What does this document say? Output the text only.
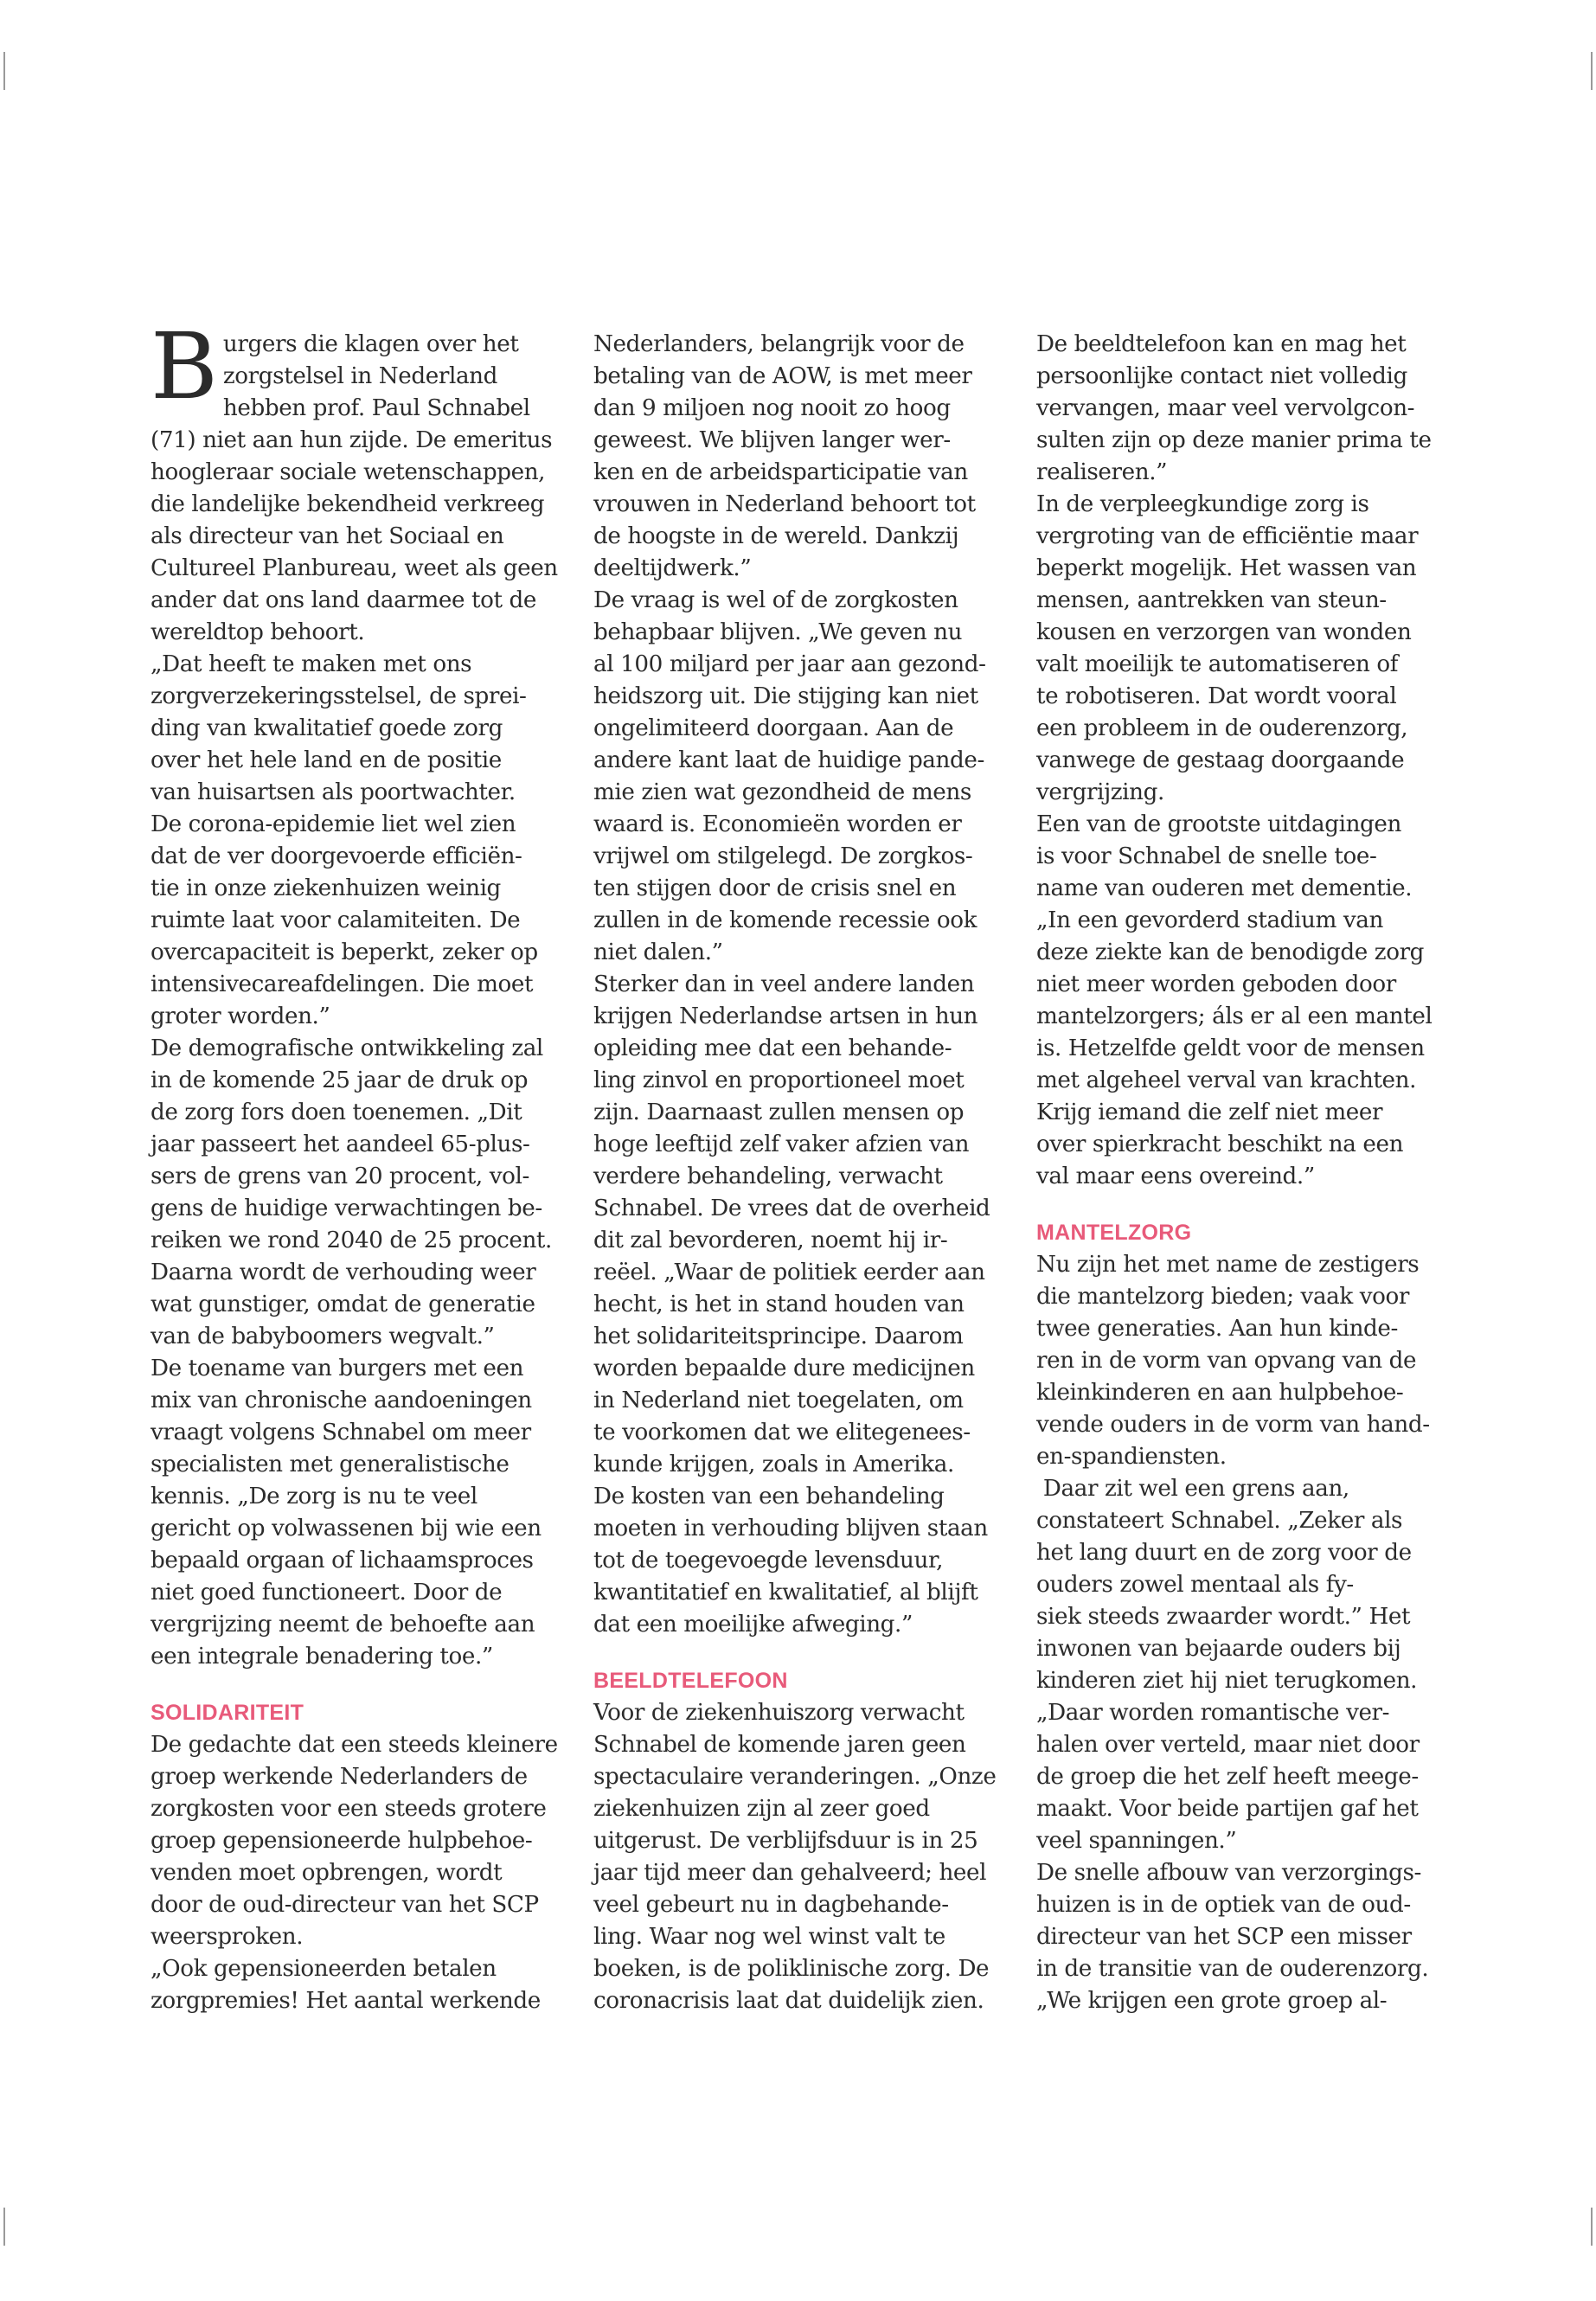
B urgers die klagen over het

zorgstelsel in Nederland

hebben prof. Paul Schnabel

(71) niet aan hun zijde. De emeritus

hoogleraar sociale wetenschappen,

die landelijke bekendheid verkreeg

als directeur van het Sociaal en

Cultureel Planbureau, weet als geen

ander dat ons land daarmee tot de

wereldtop behoort.

„Dat heeft te maken met ons

zorgverzekeringsstelsel, de sprei-

ding van kwalitatief goede zorg

over het hele land en de positie

van huisartsen als poortwachter.

De corona-epidemie liet wel zien

dat de ver doorgevoerde efficiën-

tie in onze ziekenhuizen weinig

ruimte laat voor calamiteiten. De

overcapaciteit is beperkt, zeker op

intensivecareafdelingen. Die moet

groter worden.”

De demografische ontwikkeling zal

in de komende 25 jaar de druk op

de zorg fors doen toenemen. „Dit

jaar passeert het aandeel 65-plus-

sers de grens van 20 procent, vol-

gens de huidige verwachtingen be-

reiken we rond 2040 de 25 procent.

Daarna wordt de verhouding weer

wat gunstiger, omdat de generatie

van de babyboomers wegvalt.”

De toename van burgers met een

mix van chronische aandoeningen

vraagt volgens Schnabel om meer

specialisten met generalistische

kennis. „De zorg is nu te veel

gericht op volwassenen bij wie een

bepaald orgaan of lichaamsproces

niet goed functioneert. Door de

vergrijzing neemt de behoefte aan

een integrale benadering toe.”

SOLIDARITEIT

De gedachte dat een steeds kleinere

groep werkende Nederlanders de

zorgkosten voor een steeds grotere

groep gepensioneerde hulpbehoe-

venden moet opbrengen, wordt

door de oud-directeur van het SCP

weersproken.

„Ook gepensioneerden betalen

zorgpremies! Het aantal werkende

Nederlanders, belangrijk voor de

betaling van de AOW, is met meer

dan 9 miljoen nog nooit zo hoog

geweest. We blijven langer wer-

ken en de arbeidsparticipatie van

vrouwen in Nederland behoort tot

de hoogste in de wereld. Dankzij

deeltijdwerk.”

De vraag is wel of de zorgkosten

behapbaar blijven. „We geven nu

al 100 miljard per jaar aan gezond-

heidszorg uit. Die stijging kan niet

ongelimiteerd doorgaan. Aan de

andere kant laat de huidige pande-

mie zien wat gezondheid de mens

waard is. Economieën worden er

vrijwel om stilgelegd. De zorgkos-

ten stijgen door de crisis snel en

zullen in de komende recessie ook

niet dalen.”

Sterker dan in veel andere landen

krijgen Nederlandse artsen in hun

opleiding mee dat een behande-

ling zinvol en proportioneel moet

zijn. Daarnaast zullen mensen op

hoge leeftijd zelf vaker afzien van

verdere behandeling, verwacht

Schnabel. De vrees dat de overheid

dit zal bevorderen, noemt hij ir-

reëel. „Waar de politiek eerder aan

hecht, is het in stand houden van

het solidariteitsprincipe. Daarom

worden bepaalde dure medicijnen

in Nederland niet toegelaten, om

te voorkomen dat we elitegenees-

kunde krijgen, zoals in Amerika.

De kosten van een behandeling

moeten in verhouding blijven staan

tot de toegevoegde levensduur,

kwantitatief en kwalitatief, al blijft

dat een moeilijke afweging.”

BEELDTELEFOON

Voor de ziekenhuiszorg verwacht

Schnabel de komende jaren geen

spectaculaire veranderingen. „Onze

ziekenhuizen zijn al zeer goed

uitgerust. De verblijfsduur is in 25

jaar tijd meer dan gehalveerd; heel

veel gebeurt nu in dagbehande-

ling. Waar nog wel winst valt te

boeken, is de poliklinische zorg. De

coronacrisis laat dat duidelijk zien.

De beeldtelefoon kan en mag het

persoonlijke contact niet volledig

vervangen, maar veel vervolgcon-

sulten zijn op deze manier prima te

realiseren.”

In de verpleegkundige zorg is

vergroting van de efficiëntie maar

beperkt mogelijk. Het wassen van

mensen, aantrekken van steun-

kousen en verzorgen van wonden

valt moeilijk te automatiseren of

te robotiseren. Dat wordt vooral

een probleem in de ouderenzorg,

vanwege de gestaag doorgaande

vergrijzing.

Een van de grootste uitdagingen

is voor Schnabel de snelle toe-

name van ouderen met dementie.

„In een gevorderd stadium van

deze ziekte kan de benodigde zorg

niet meer worden geboden door

mantelzorgers; áls er al een mantel

is. Hetzelfde geldt voor de mensen

met algeheel verval van krachten.

Krijg iemand die zelf niet meer

over spierkracht beschikt na een

val maar eens overeind.”

MANTELZORG

Nu zijn het met name de zestigers

die mantelzorg bieden; vaak voor

twee generaties. Aan hun kinde-

ren in de vorm van opvang van de

kleinkinderen en aan hulpbehoe-

vende ouders in de vorm van hand-

en-spandiensten.

Daar zit wel een grens aan,

constateert Schnabel. „Zeker als

het lang duurt en de zorg voor de

ouders zowel mentaal als fy-

siek steeds zwaarder wordt.” Het

inwonen van bejaarde ouders bij

kinderen ziet hij niet terugkomen.

„Daar worden romantische ver-

halen over verteld, maar niet door

de groep die het zelf heeft meege-

maakt. Voor beide partijen gaf het

veel spanningen.”

De snelle afbouw van verzorgings-

huizen is in de optiek van de oud-

directeur van het SCP een misser

in de transitie van de ouderenzorg.

„We krijgen een grote groep al-
